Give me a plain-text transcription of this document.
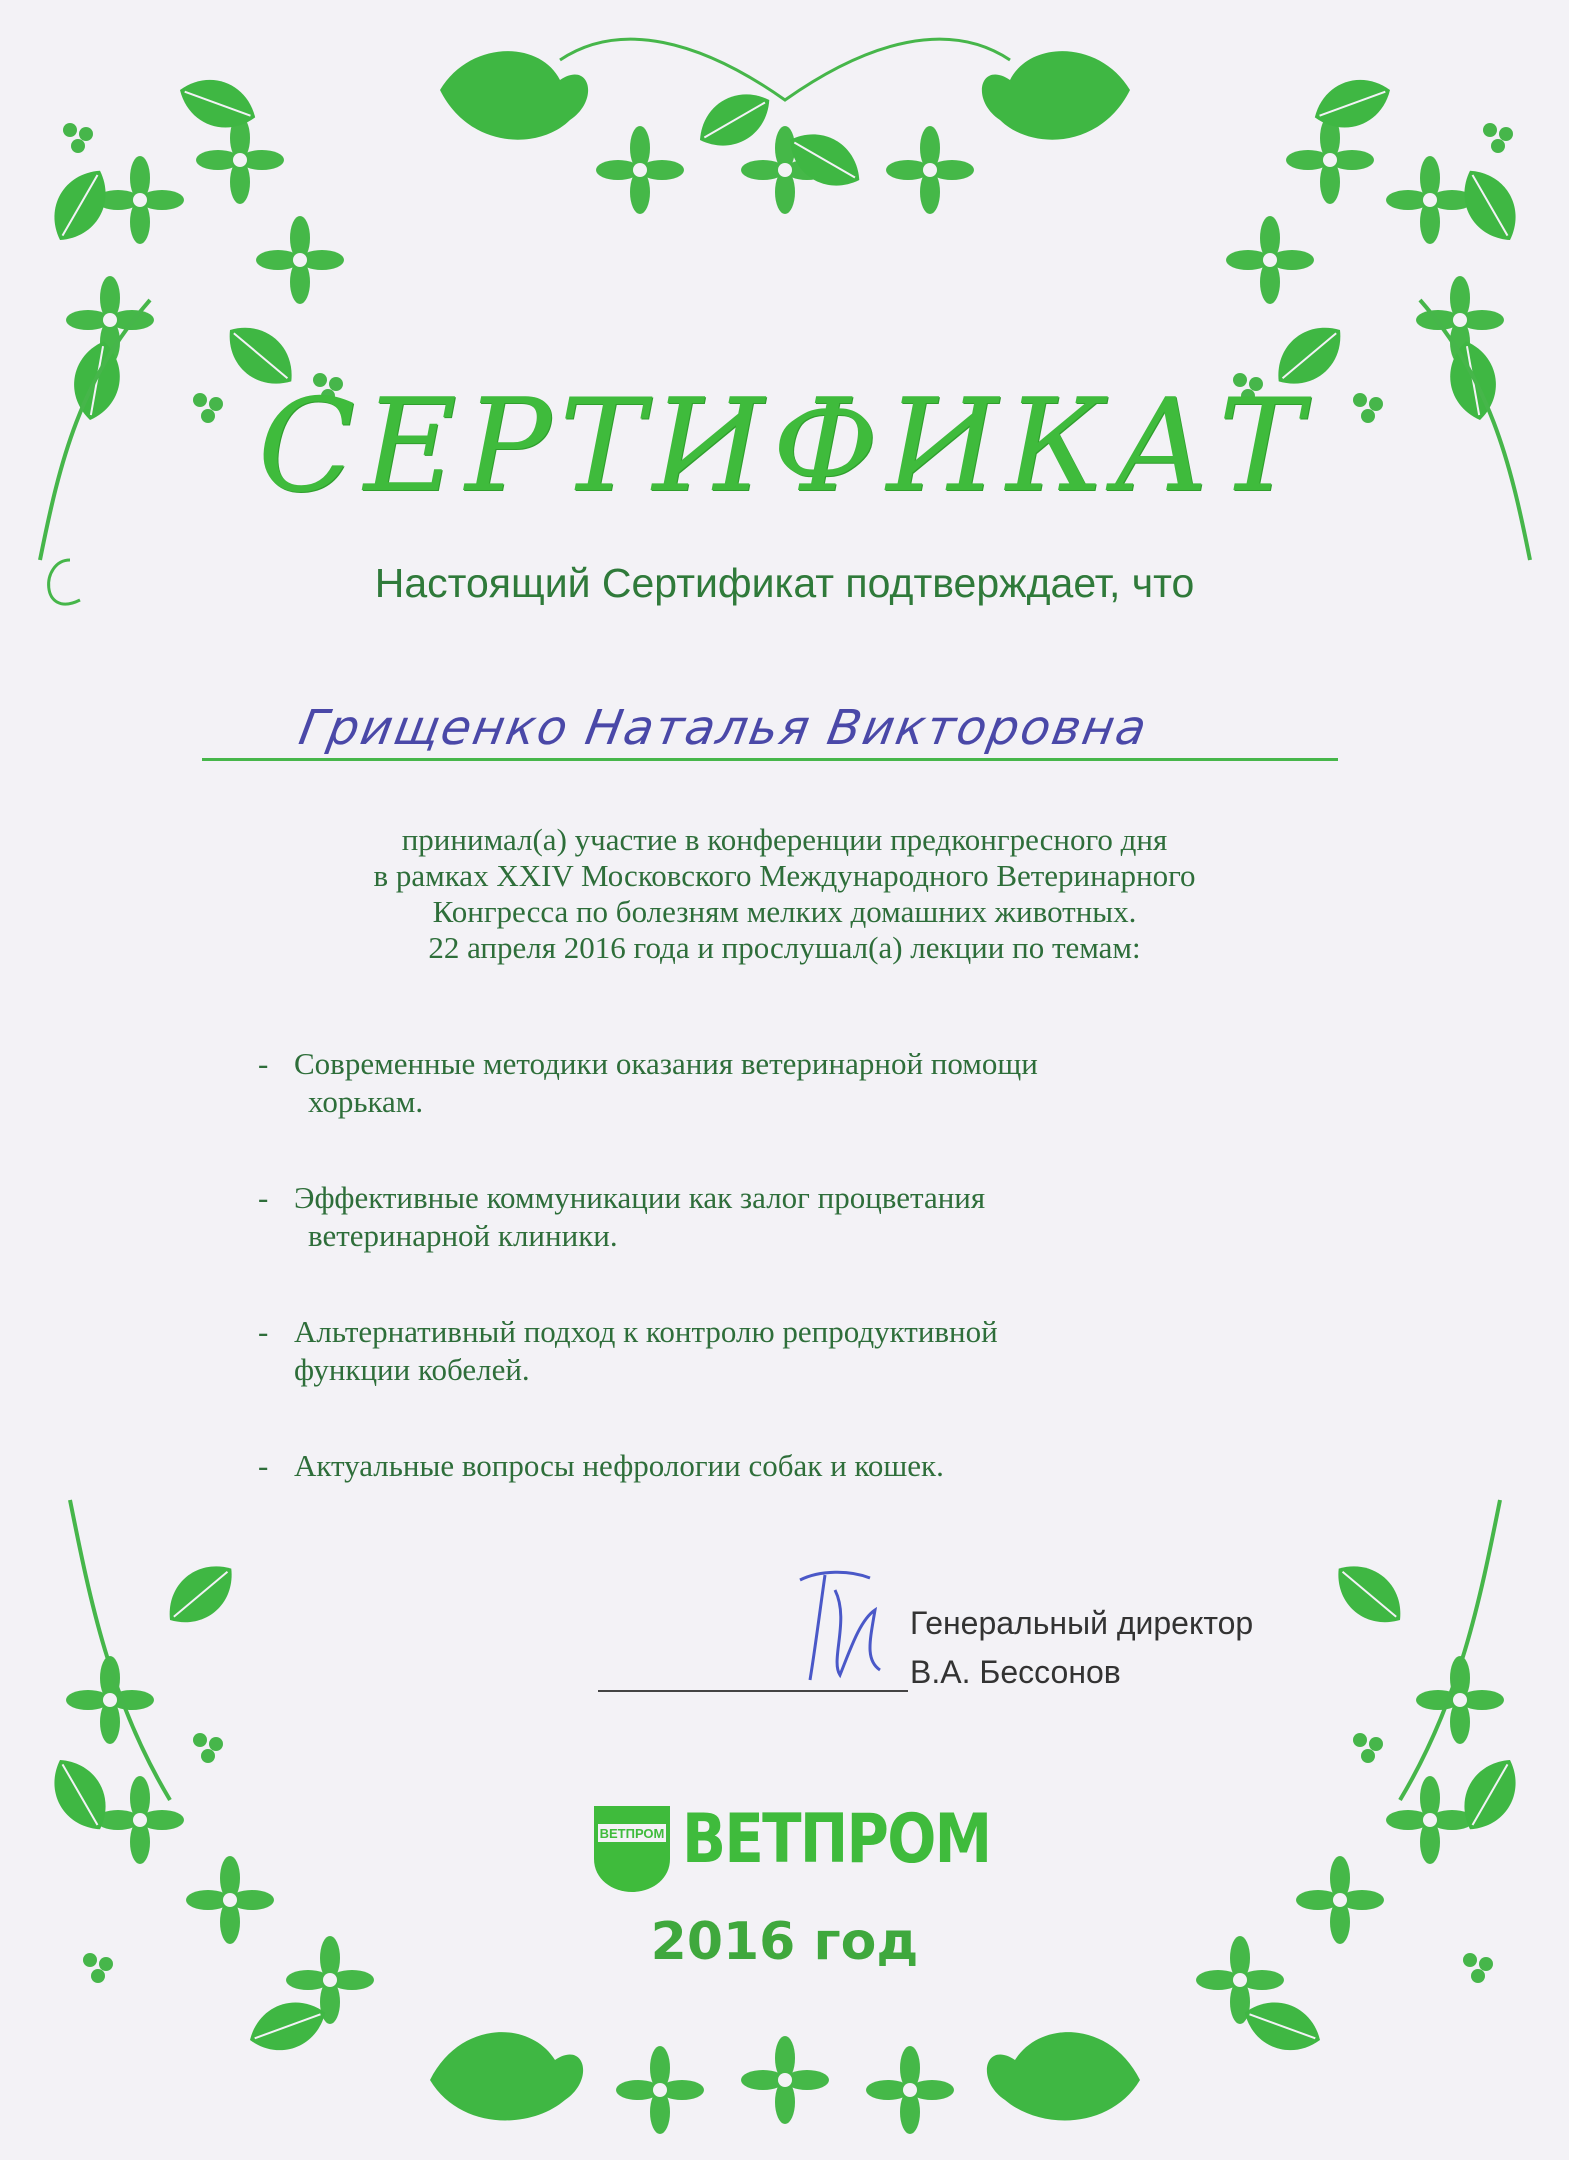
СЕРТИФИКАТ
Настоящий Сертификат подтверждает, что
Грищенко Наталья Викторовна
принимал(а) участие в конференции предконгресного дня
в рамках XXIV Московского Международного Ветеринарного
Конгресса по болезням мелких домашних животных.
22 апреля 2016 года и прослушал(а) лекции по темам:
- Современные методики оказания ветеринарной помощи
хорькам.
- Эффективные коммуникации как залог процветания
ветеринарной клиники.
- Альтернативный подход к контролю репродуктивной
функции кобелей.
- Актуальные вопросы нефрологии собак и кошек.
Генеральный директор
В.А. Бессонов
ВЕТПРОМ ВЕТПРОМ
2016 год
